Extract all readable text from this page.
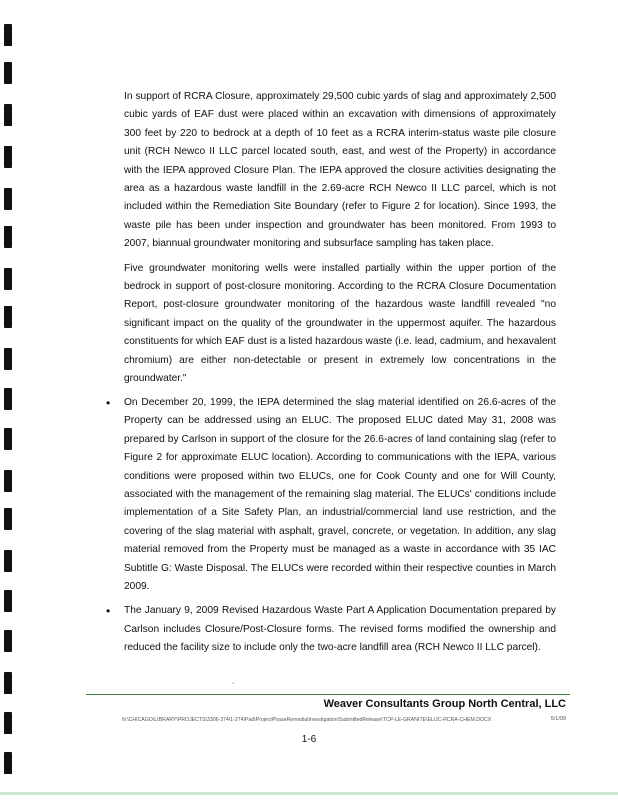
In support of RCRA Closure, approximately 29,500 cubic yards of slag and approximately 2,500 cubic yards of EAF dust were placed within an excavation with dimensions of approximately 300 feet by 220 to bedrock at a depth of 10 feet as a RCRA interim-status waste pile closure unit (RCH Newco II LLC parcel located south, east, and west of the Property) in accordance with the IEPA approved Closure Plan. The IEPA approved the closure activities designating the area as a hazardous waste landfill in the 2.69-acre RCH Newco II LLC parcel, which is not included within the Remediation Site Boundary (refer to Figure 2 for location). Since 1993, the waste pile has been under inspection and groundwater has been monitored. From 1993 to 2007, biannual groundwater monitoring and subsurface sampling has taken place.

Five groundwater monitoring wells were installed partially within the upper portion of the bedrock in support of post-closure monitoring. According to the RCRA Closure Documentation Report, post-closure groundwater monitoring of the hazardous waste landfill revealed "no significant impact on the quality of the groundwater in the uppermost aquifer. The hazardous constituents for which EAF dust is a listed hazardous waste (i.e. lead, cadmium, and hexavalent chromium) are either non-detectable or present in extremely low concentrations in the groundwater."

• On December 20, 1999, the IEPA determined the slag material identified on 26.6-acres of the Property can be addressed using an ELUC. The proposed ELUC dated May 31, 2008 was prepared by Carlson in support of the closure for the 26.6-acres of land containing slag (refer to Figure 2 for approximate ELUC location). According to communications with the IEPA, various conditions were proposed within two ELUCs, one for Cook County and one for Will County, associated with the management of the remaining slag material. The ELUCs' conditions include implementation of a Site Safety Plan, an industrial/commercial land use restriction, and the covering of the slag material with asphalt, gravel, concrete, or vegetation. In addition, any slag material removed from the Property must be managed as a waste in accordance with 35 IAC Subtitle G: Waste Disposal. The ELUCs were recorded within their respective counties in March 2009.
• The January 9, 2009 Revised Hazardous Waste Part A Application Documentation prepared by Carlson includes Closure/Post-Closure forms. The revised forms modified the ownership and reduced the facility size to include only the two-acre landfill area (RCH Newco II LLC parcel).
`
Weaver Consultants Group North Central, LLC
N:\CHICAGO\LIBRARY\PROJECTS\3306-374\1-274\Pad\ProjectPhaseRemedialInvestigation\SubmittedRelease\TCP-LE-GRANITE\ELUC-RCRA-CHEM.DOCX	5/1/09
1-6
